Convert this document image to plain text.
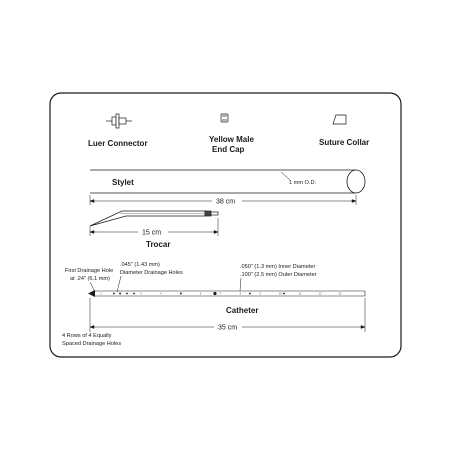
Luer Connector	Yellow Male
End Cap
Suture Collar
Stylet	1 mm O.D.
38 cm
15 cm
Trocar
First Drainage Hole
at .24" (6.1 mm)
.045" (1.43 mm)
Diameter Drainage Holes
.050" (1.3 mm) Inner Diameter
.100" (2.5 mm) Outer Diameter
1	2	3	4	6	7	8	9	10	11	12	13
Catheter
35 cm
4 Rows of 4 Equally
Spaced Drainage Holes
